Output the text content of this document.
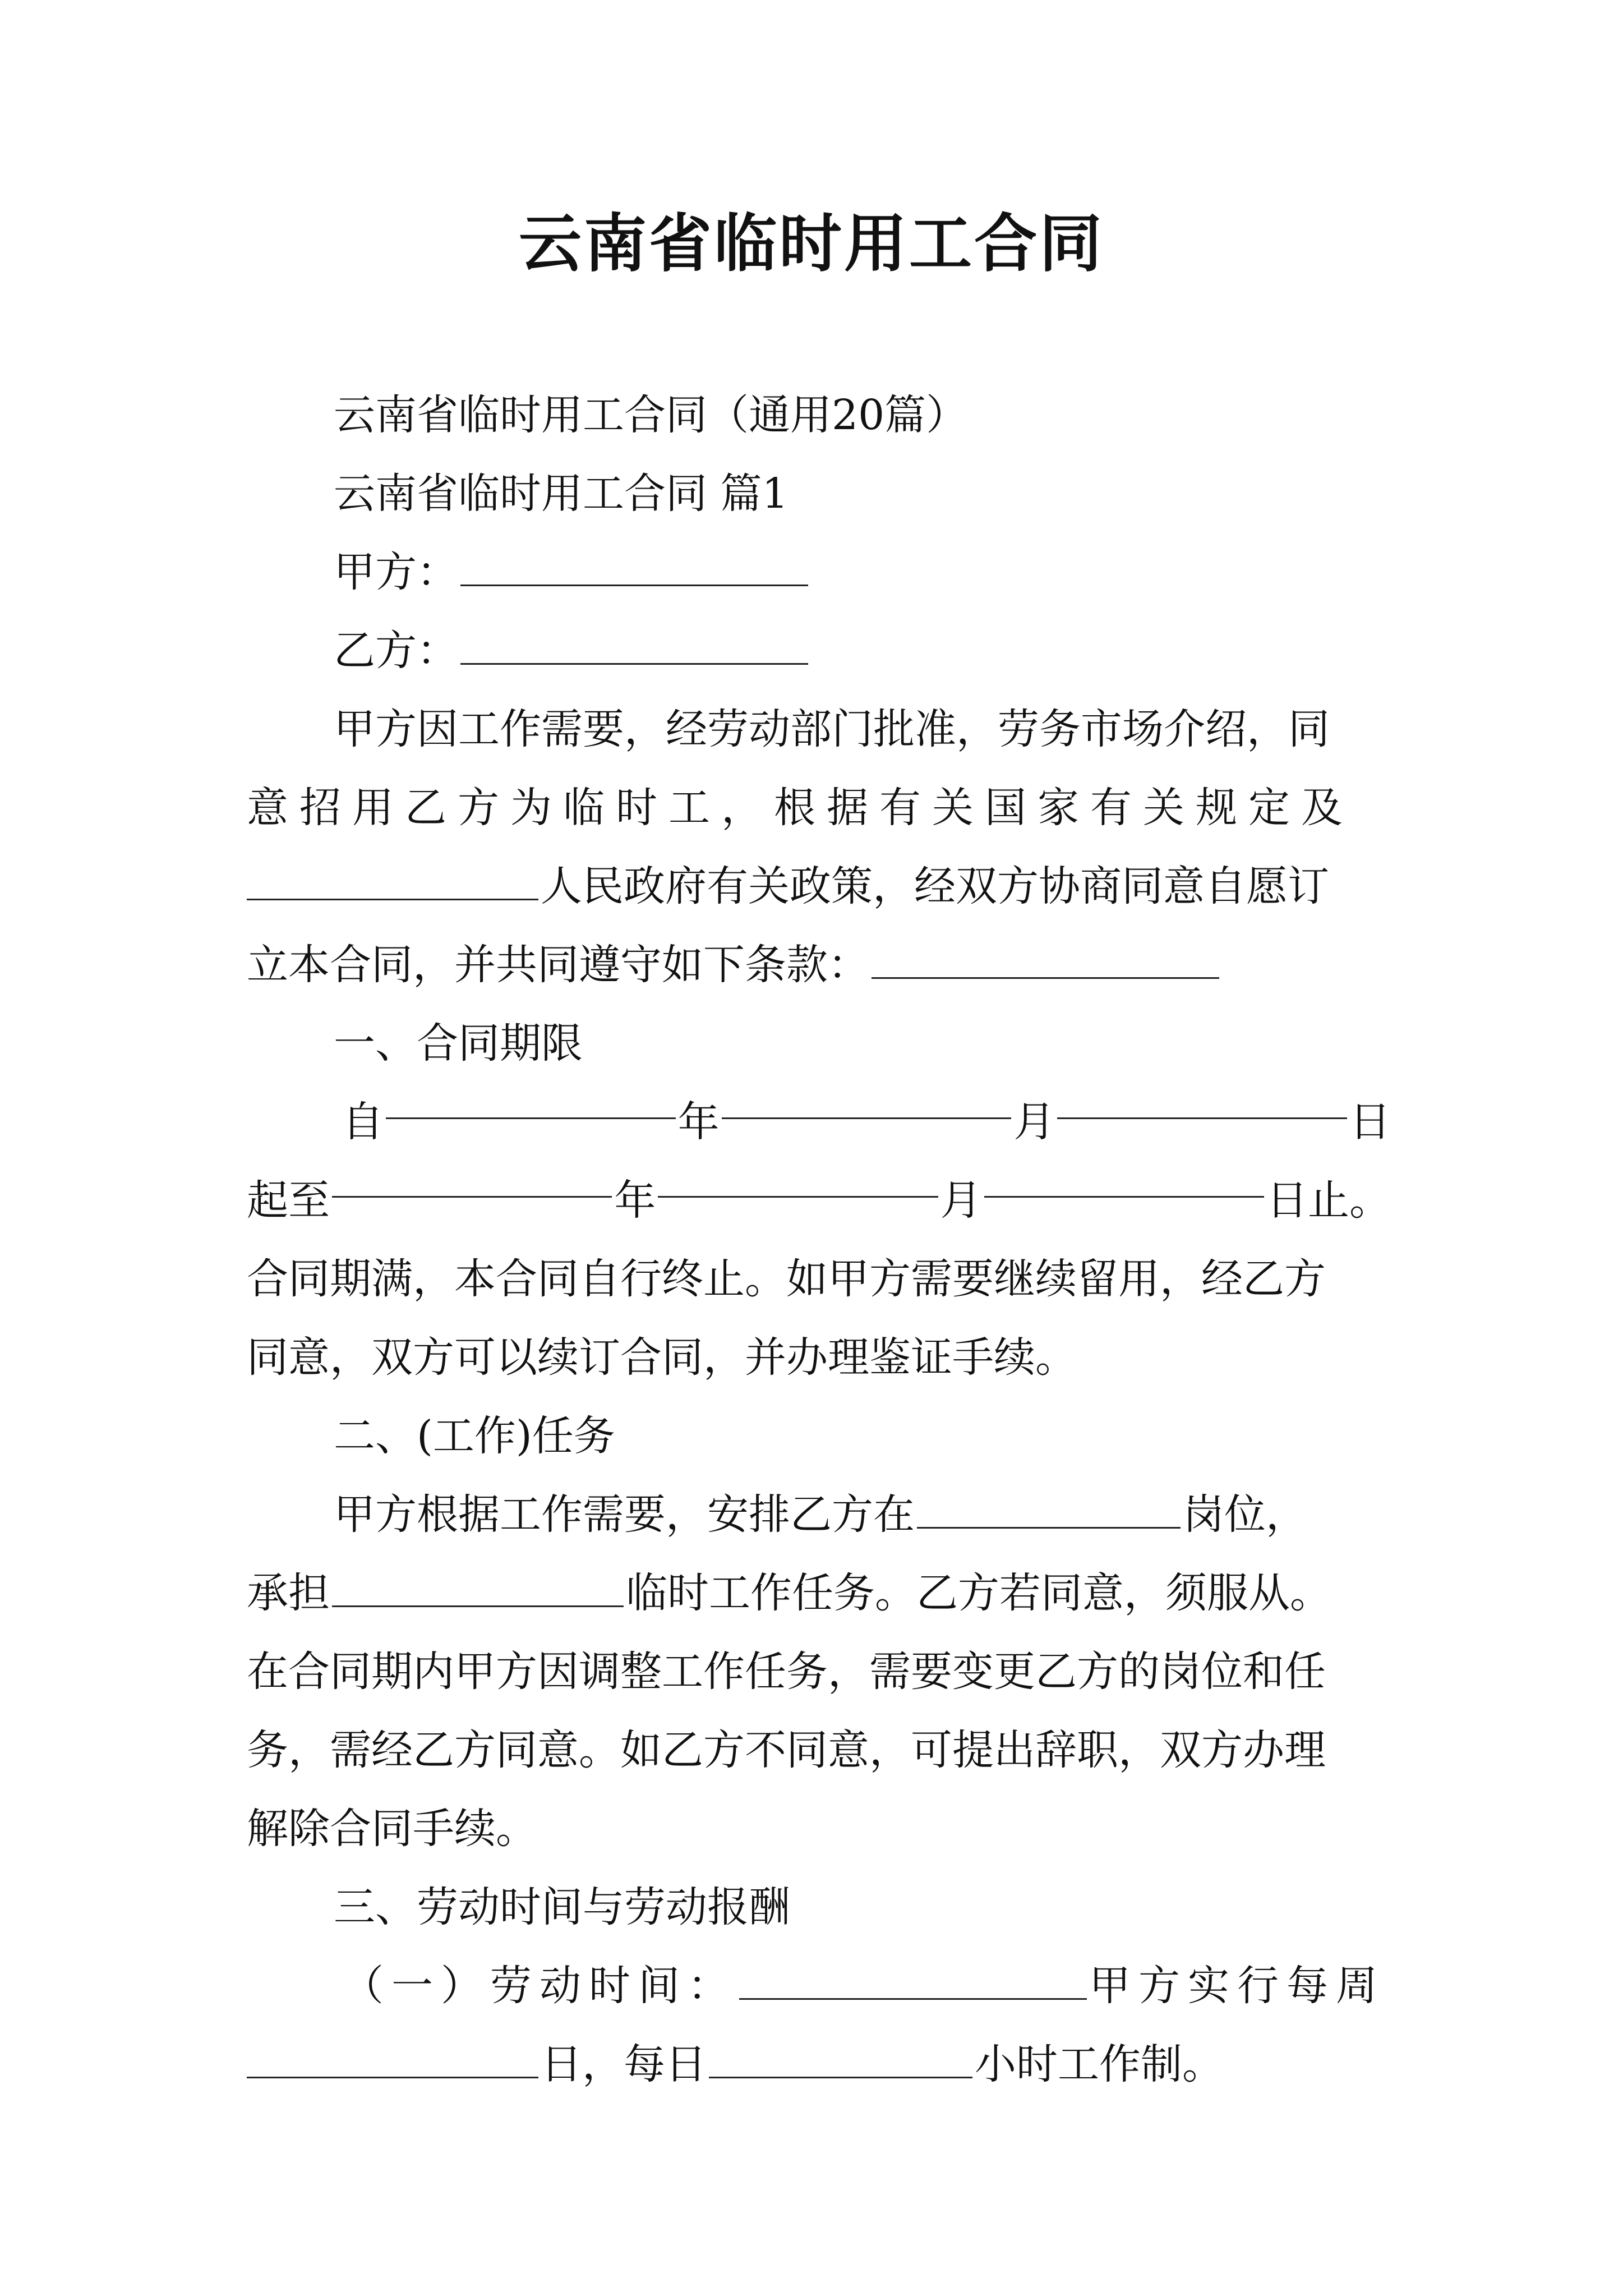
云南省临时用工合同
云南省临时用工合同（通用20篇）
云南省临时用工合同 篇1
甲方：
乙方：
甲方因工作需要，经劳动部门批准，劳务市场介绍，同
意招用乙方为临时工，根据有关国家有关规定及
人民政府有关政策，经双方协商同意自愿订
立本合同，并共同遵守如下条款：
一、合同期限
自	年	月	日
起至	年	月	日止。
合同期满，本合同自行终止。如甲方需要继续留用，经乙方
同意，双方可以续订合同，并办理鉴证手续。
二、(工作)任务
甲方根据工作需要，安排乙方在	岗位，
承担	临时工作任务。乙方若同意，须服从。
在合同期内甲方因调整工作任务，需要变更乙方的岗位和任
务，需经乙方同意。如乙方不同意，可提出辞职，双方办理
解除合同手续。
三、劳动时间与劳动报酬
（一）劳动时间：	甲方实行每周
日，每日	小时工作制。
